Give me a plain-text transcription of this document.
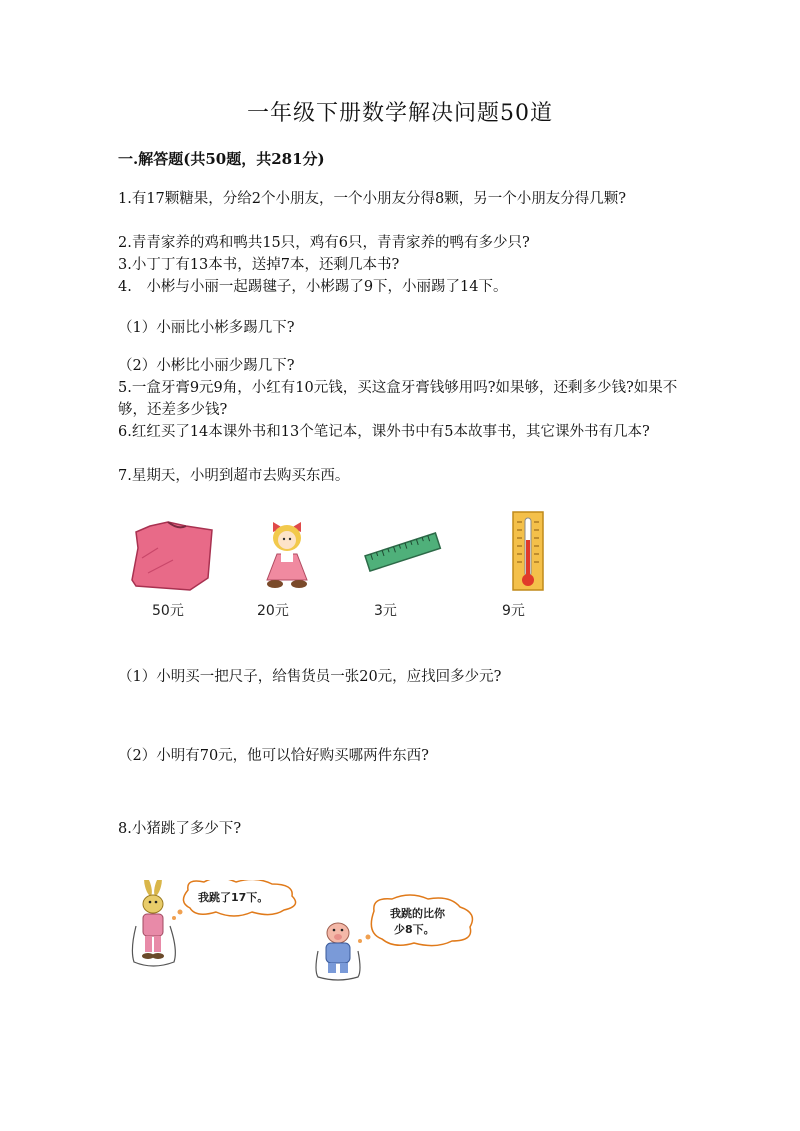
一年级下册数学解决问题50道
一.解答题(共50题，共281分)
1.有17颗糖果，分给2个小朋友，一个小朋友分得8颗，另一个小朋友分得几颗?
2.青青家养的鸡和鸭共15只，鸡有6只，青青家养的鸭有多少只?
3.小丁丁有13本书，送掉7本，还剩几本书?
4.　小彬与小丽一起踢毽子，小彬踢了9下，小丽踢了14下。
（1）小丽比小彬多踢几下?
（2）小彬比小丽少踢几下?
5.一盒牙膏9元9角，小红有10元钱，买这盒牙膏钱够用吗?如果够，还剩多少钱?如果不够，还差多少钱?
6.红红买了14本课外书和13个笔记本，课外书中有5本故事书，其它课外书有几本?
7.星期天，小明到超市去购买东西。
50元	20元	3元	9元
（1）小明买一把尺子，给售货员一张20元，应找回多少元?
（2）小明有70元，他可以恰好购买哪两件东西?
8.小猪跳了多少下?
我跳了17下。
我跳的比你
少8下。
